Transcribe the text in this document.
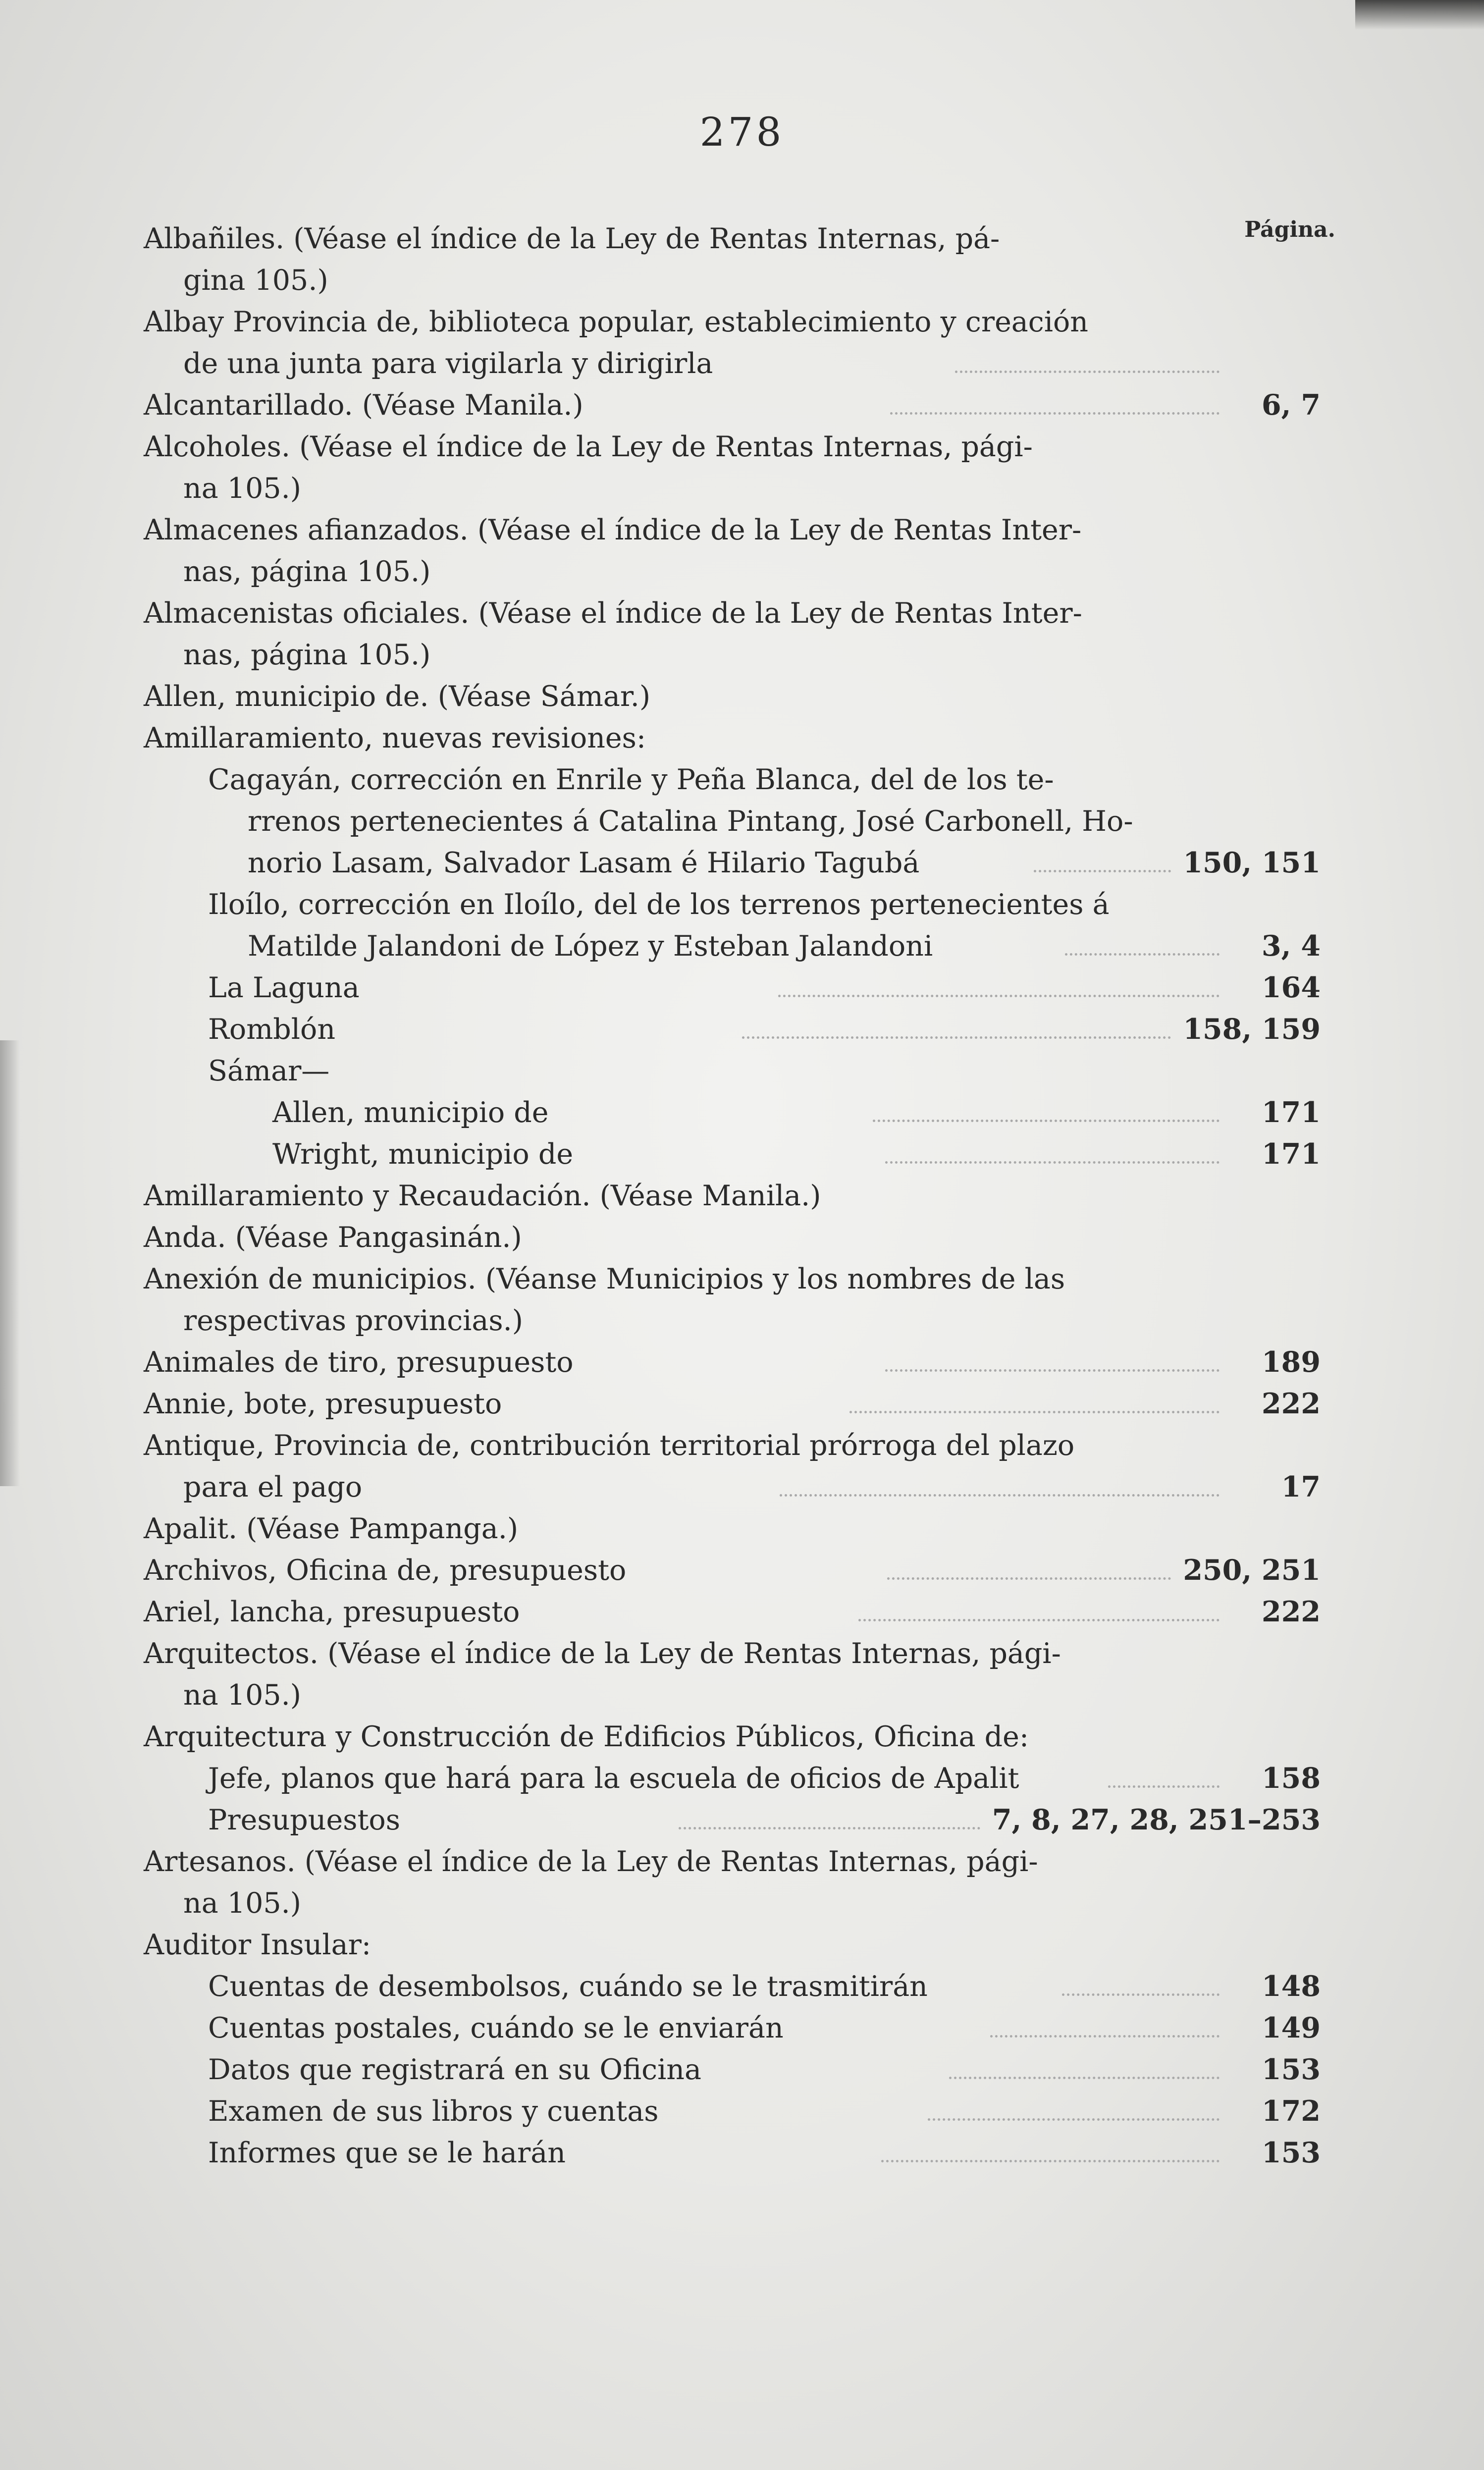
278
Página.
Albañiles. (Véase el índice de la Ley de Rentas Internas, pá-
gina 105.)
Albay Provincia de, biblioteca popular, establecimiento y creación
de una junta para vigilarla y dirigirla
Alcantarillado. (Véase Manila.)	6, 7
Alcoholes. (Véase el índice de la Ley de Rentas Internas, pági-
na 105.)
Almacenes afianzados. (Véase el índice de la Ley de Rentas Inter-
nas, página 105.)
Almacenistas oficiales. (Véase el índice de la Ley de Rentas Inter-
nas, página 105.)
Allen, municipio de. (Véase Sámar.)
Amillaramiento, nuevas revisiones:
Cagayán, corrección en Enrile y Peña Blanca, del de los te-
rrenos pertenecientes á Catalina Pintang, José Carbonell, Ho-
norio Lasam, Salvador Lasam é Hilario Tagubá	150, 151
Iloílo, corrección en Iloílo, del de los terrenos pertenecientes á
Matilde Jalandoni de López y Esteban Jalandoni	3, 4
La Laguna	164
Romblón	158, 159
Sámar—
Allen, municipio de	171
Wright, municipio de	171
Amillaramiento y Recaudación. (Véase Manila.)
Anda. (Véase Pangasinán.)
Anexión de municipios. (Véanse Municipios y los nombres de las
respectivas provincias.)
Animales de tiro, presupuesto	189
Annie, bote, presupuesto	222
Antique, Provincia de, contribución territorial prórroga del plazo
para el pago	17
Apalit. (Véase Pampanga.)
Archivos, Oficina de, presupuesto	250, 251
Ariel, lancha, presupuesto	222
Arquitectos. (Véase el índice de la Ley de Rentas Internas, pági-
na 105.)
Arquitectura y Construcción de Edificios Públicos, Oficina de:
Jefe, planos que hará para la escuela de oficios de Apalit	158
Presupuestos	7, 8, 27, 28, 251–253
Artesanos. (Véase el índice de la Ley de Rentas Internas, pági-
na 105.)
Auditor Insular:
Cuentas de desembolsos, cuándo se le trasmitirán	148
Cuentas postales, cuándo se le enviarán	149
Datos que registrará en su Oficina	153
Examen de sus libros y cuentas	172
Informes que se le harán	153
